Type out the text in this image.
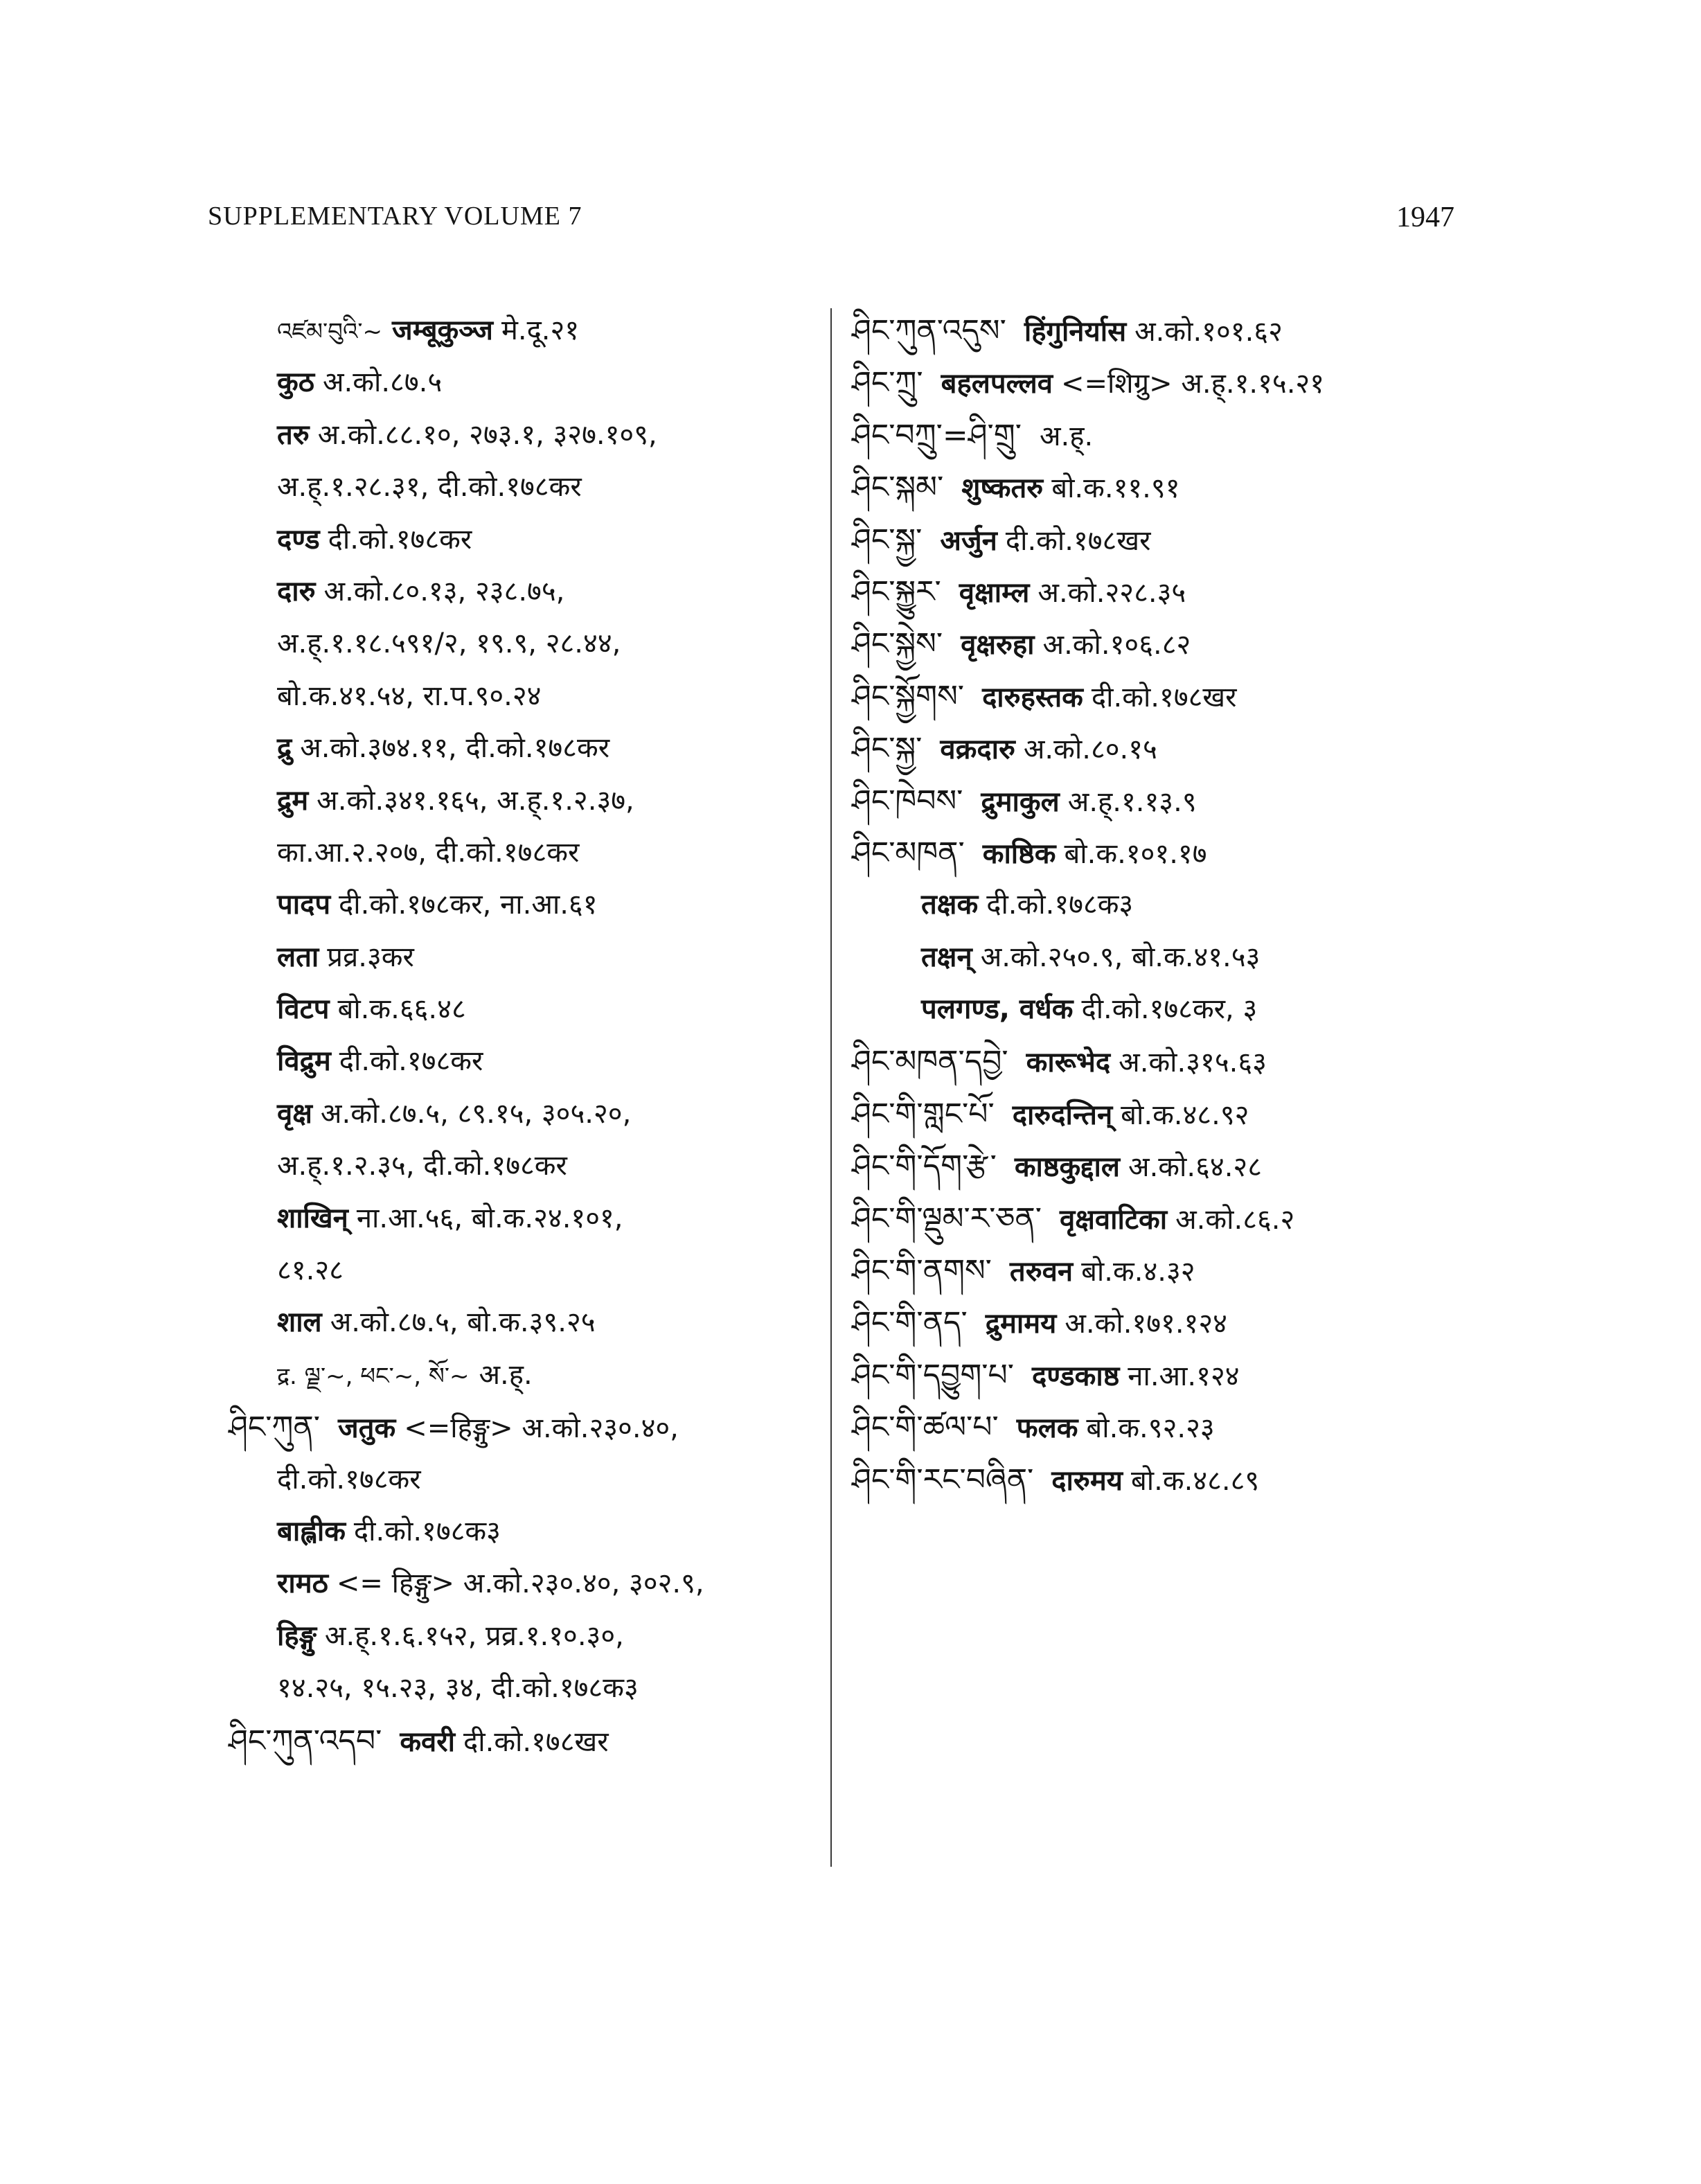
SUPPLEMENTARY VOLUME 7	1947
འཛམ་བུའི་~ जम्बूकुञ्ज मे.दू.२१
कुठ अ.को.८७.५
तरु अ.को.८८.१०, २७३.१, ३२७.१०९,
अ.ह्.१.२८.३१, दी.को.१७८कर
दण्ड दी.को.१७८कर
दारु अ.को.८०.१३, २३८.७५,
अ.ह्.१.१८.५९१/२, १९.९, २८.४४,
बो.क.४१.५४, रा.प.९०.२४
द्रु अ.को.३७४.११, दी.को.१७८कर
द्रुम अ.को.३४१.१६५, अ.ह्.१.२.३७,
का.आ.२.२०७, दी.को.१७८कर
पादप दी.को.१७८कर, ना.आ.६१
लता प्रव्र.३कर
विटप बो.क.६६.४८
विद्रुम दी.को.१७८कर
वृक्ष अ.को.८७.५, ८९.१५, ३०५.२०,
अ.ह्.१.२.३५, दी.को.१७८कर
शाखिन् ना.आ.५६, बो.क.२४.१०१,
८१.२८
शाल अ.को.८७.५, बो.क.३९.२५
द्र. ལྗ་~, ཕང་~, སོ་~ अ.ह्.
ཤིང་ཀུན་ जतुक <=हिङ्गु> अ.को.२३०.४०,
दी.को.१७८कर
बाह्लीक दी.को.१७८क३
रामठ <= हिङ्गु> अ.को.२३०.४०, ३०२.९,
हिङ्गु अ.ह्.१.६.१५२, प्रव्र.१.१०.३०,
१४.२५, १५.२३, ३४, दी.को.१७८क३
ཤིང་ཀུན་འདབ་ कवरी दी.को.१७८खर
ཤིང་ཀུན་འདུས་ हिंगुनिर्यास अ.को.१०१.६२
ཤིང་ཀྲུ་ बहलपल्लव <=शिग्रु> अ.ह्.१.१५.२१
ཤིང་བཀྲུ་=ཤི་གྲུ་ अ.ह्.
ཤིང་སྐམ་ शुष्कतरु बो.क.११.९१
ཤིང་སྐྱ་ अर्जुन दी.को.१७८खर
ཤིང་སྐྱུར་ वृक्षाम्ल अ.को.२२८.३५
ཤིང་སྐྱེས་ वृक्षरुहा अ.को.१०६.८२
ཤིང་སྐྱོགས་ दारुहस्तक दी.को.१७८खर
ཤིང་སྐྱ་ वक्रदारु अ.को.८०.१५
ཤིང་ཁེབས་ द्रुमाकुल अ.ह्.१.१३.९
ཤིང་མཁན་ काष्ठिक बो.क.१०१.१७
तक्षक दी.को.१७८क३
तक्षन् अ.को.२५०.९, बो.क.४१.५३
पलगण्ड, वर्धक दी.को.१७८कर, ३
ཤིང་མཁན་དབྱེ་ कारूभेद अ.को.३१५.६३
ཤིང་གི་གླང་པོ་ दारुदन्तिन् बो.क.४८.९२
ཤིང་གི་དོག་རྩེ་ काष्ठकुद्दाल अ.को.६४.२८
ཤིང་གི་ལྡུམ་ར་ཅན་ वृक्षवाटिका अ.को.८६.२
ཤིང་གི་ནགས་ तरुवन बो.क.४.३२
ཤིང་གི་ནད་ द्रुमामय अ.को.१७१.१२४
ཤིང་གི་དབྱུག་པ་ दण्डकाष्ठ ना.आ.१२४
ཤིང་གི་ཚལ་པ་ फलक बो.क.९२.२३
ཤིང་གི་རང་བཞིན་ दारुमय बो.क.४८.८९
